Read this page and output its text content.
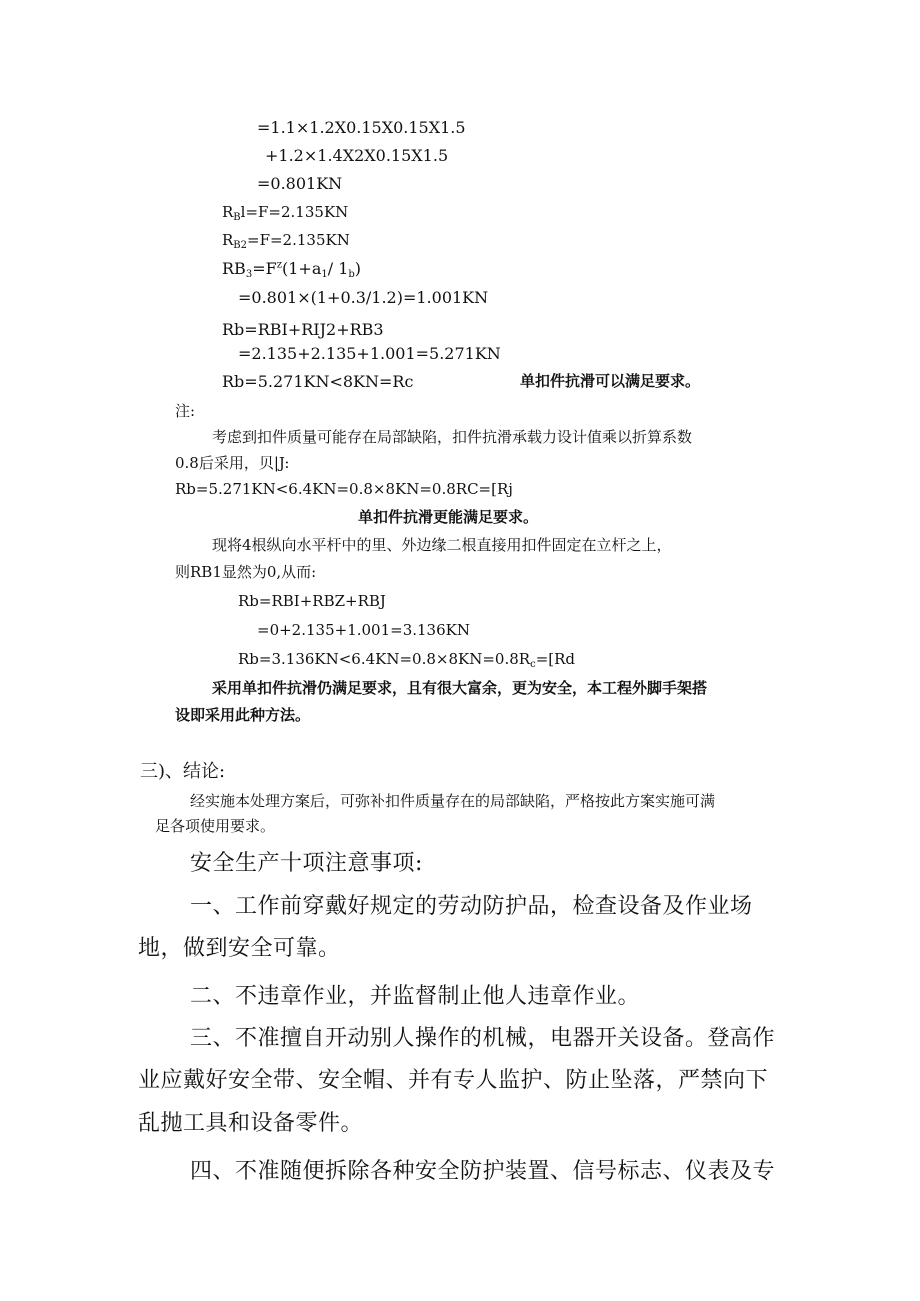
=1.1×1.2X0.15X0.15X1.5
+1.2×1.4X2X0.15X1.5
=0.801KN
$R_Bl=F=2.135KN$
$R_{B2}=F=2.135KN$
$RB_3=F^z(1+a_1/$ $1_b$)
=0.801×(1+0.3/1.2)=1.001KN
Rb=RBI+RIJ2+RB3
=2.135+2.135+1.001=5.271KN
Rb=5.271KN<8KN=Rc	单扣件抗滑可以满足要求。
注:
考虑到扣件质量可能存在局部缺陷，扣件抗滑承载力设计值乘以折算系数
0.8后采用，贝|J:
Rb=5.271KN<6.4KN=0.8×8KN=0.8RC=[Rj
单扣件抗滑更能满足要求。
现将4根纵向水平杆中的里、外边缘二根直接用扣件固定在立杆之上，
则RB1显然为0,从而:
Rb=RBI+RBZ+RBJ
=0+2.135+1.001=3.136KN
$Rb=3.136KN<6.4KN=0.8\times 8KN=0.8R_c=[Rd$
采用单扣件抗滑仍满足要求，且有很大富余，更为安全，本工程外脚手架搭
设即采用此种方法。
三)、结论:
经实施本处理方案后，可弥补扣件质量存在的局部缺陷，严格按此方案实施可满
足各项使用要求。
安全生产十项注意事项:
一、工作前穿戴好规定的劳动防护品，检查设备及作业场
地，做到安全可靠。
二、不违章作业，并监督制止他人违章作业。
三、不准擅自开动别人操作的机械，电器开关设备。登高作
业应戴好安全带、安全帽、并有专人监护、防止坠落，严禁向下
乱抛工具和设备零件。
四、不准随便拆除各种安全防护装置、信号标志、仪表及专
